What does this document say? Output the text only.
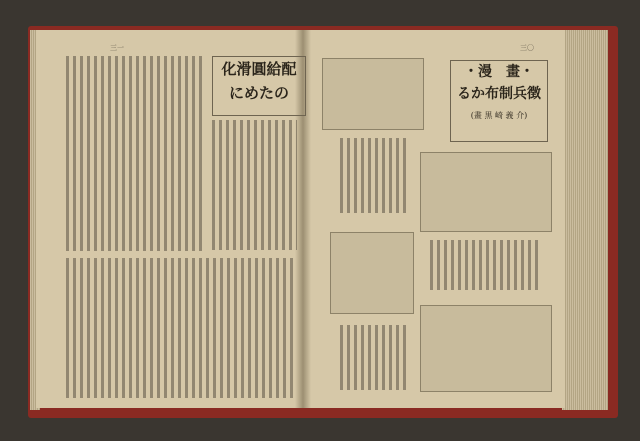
三一	三〇
化滑圓給配
にめたの
・漫　畫・
るか布制兵徴
(畫 黒 崎 義 介)
